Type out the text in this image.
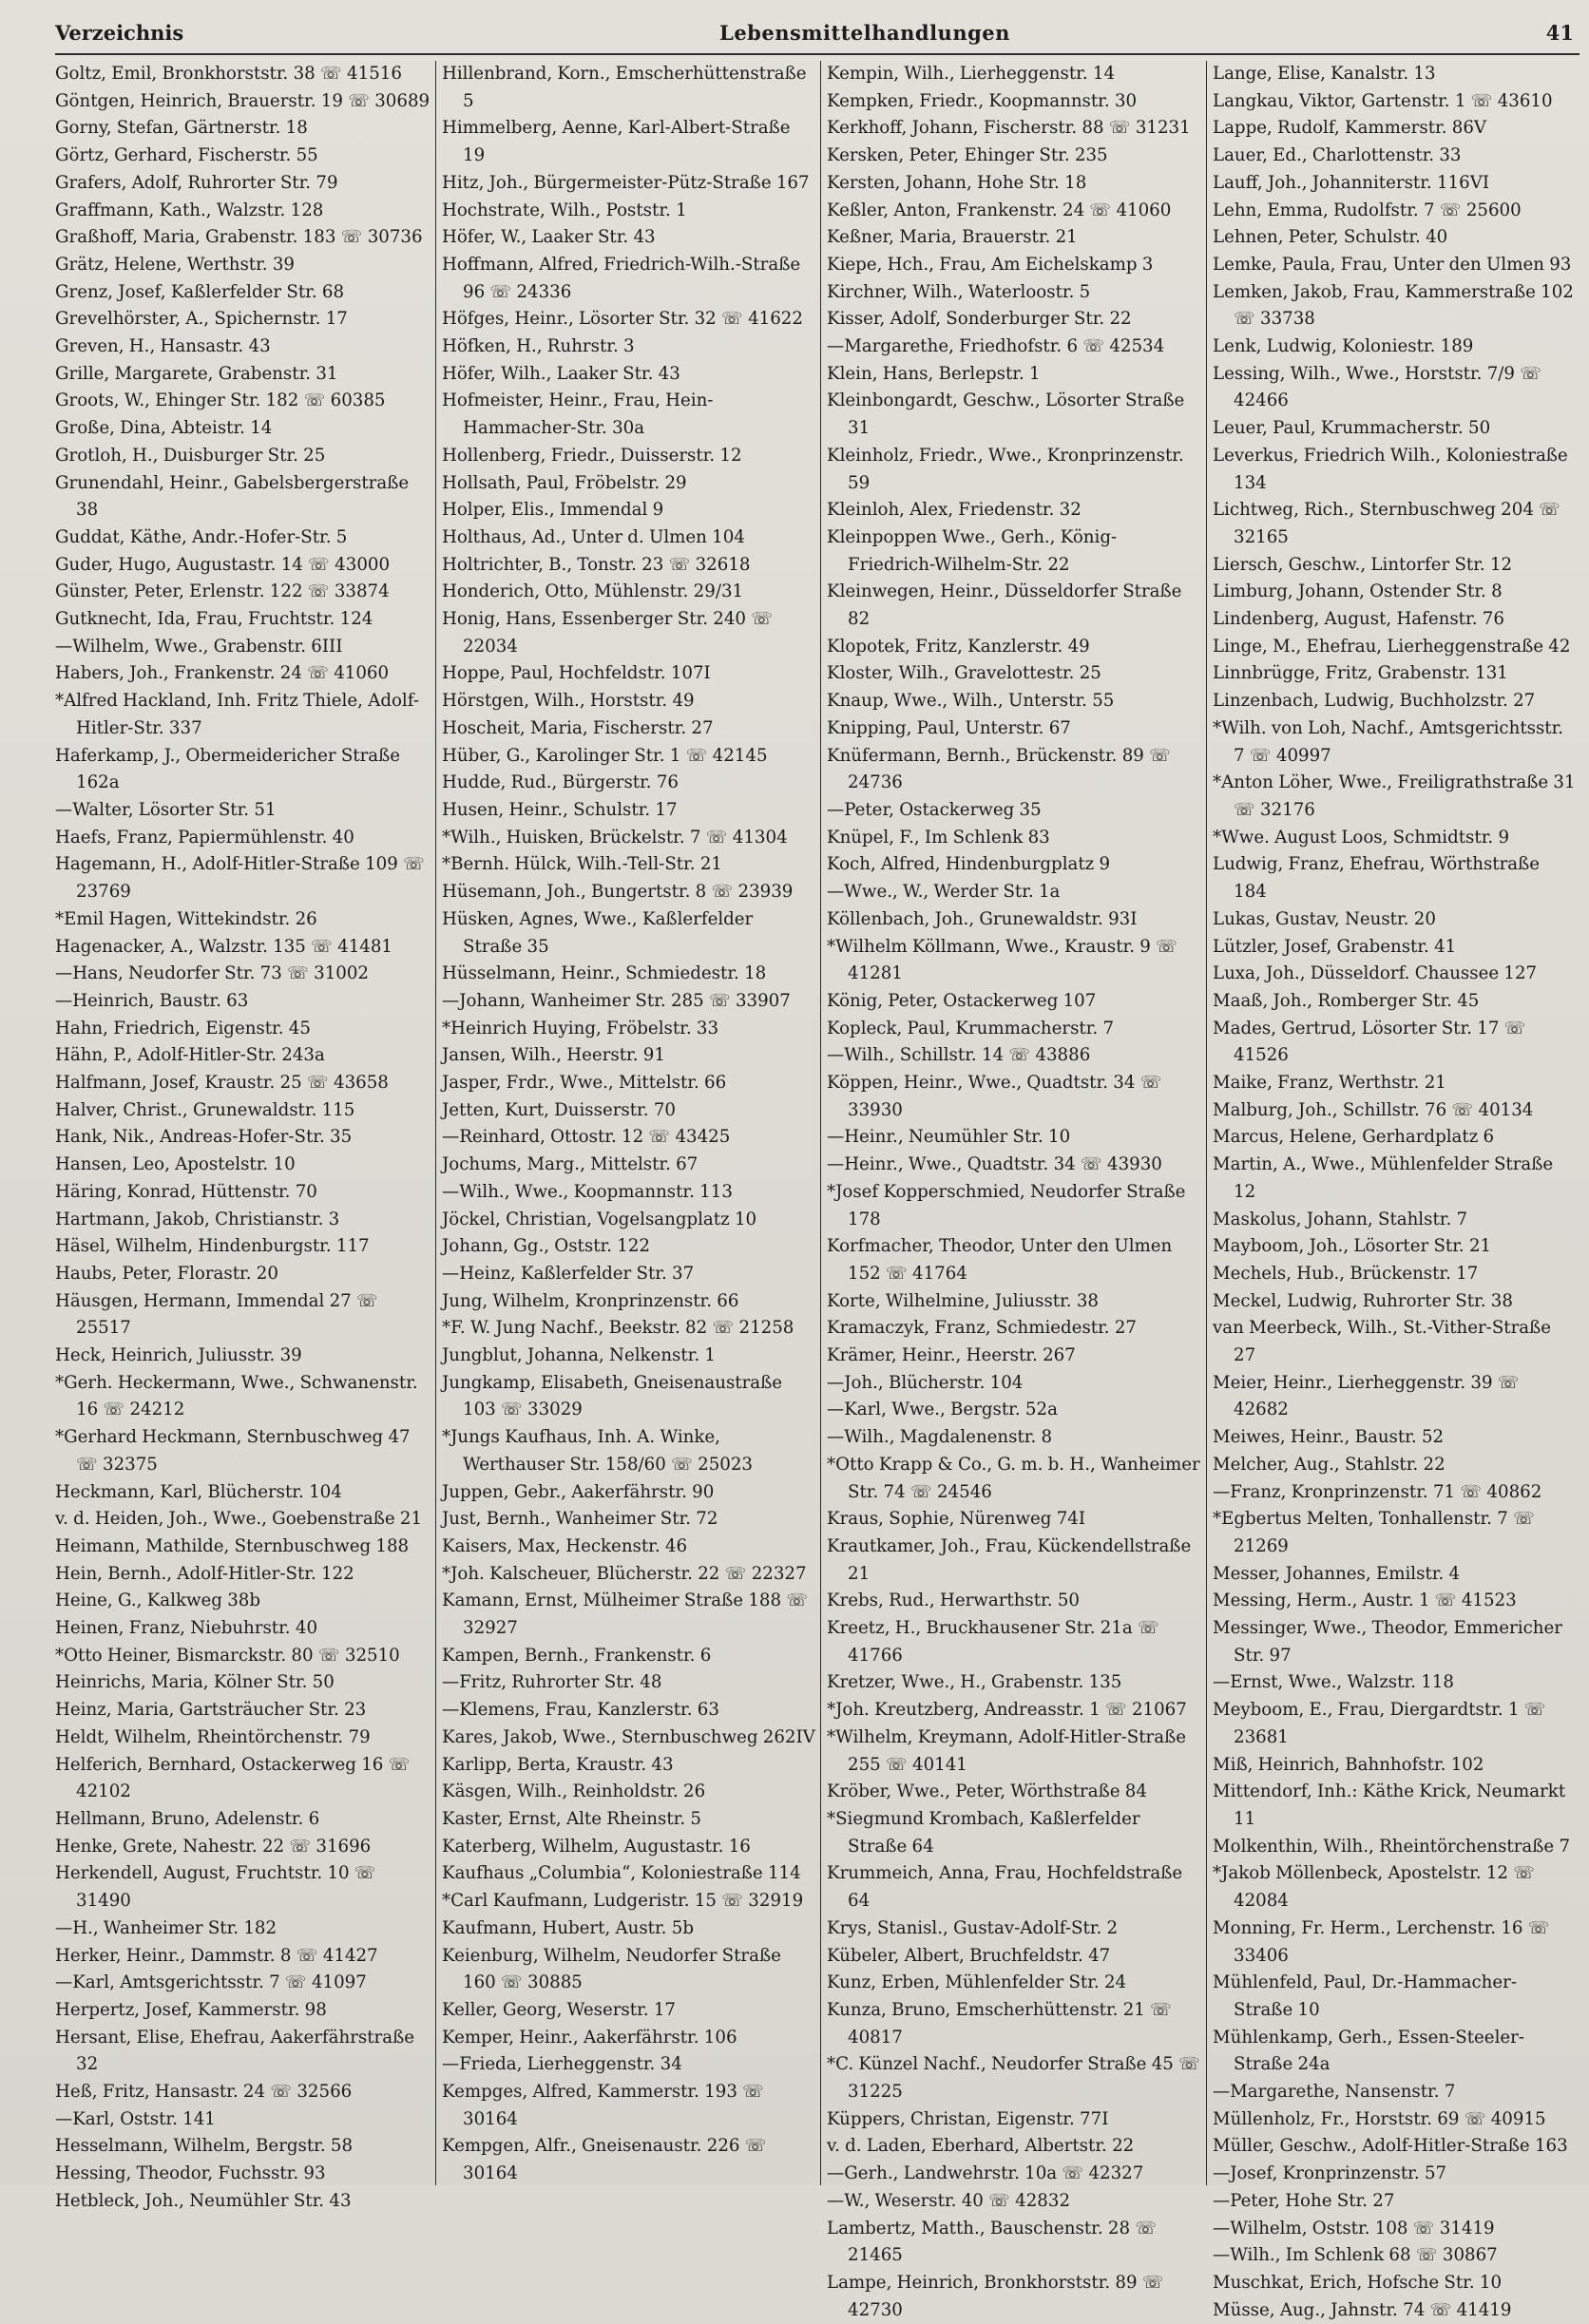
Verzeichnis	Lebensmittelhandlungen	41
Goltz, Emil, Bronkhorststr. 38 ☏ 41516
Göntgen, Heinrich, Brauerstr. 19 ☏ 30689
Gorny, Stefan, Gärtnerstr. 18
Görtz, Gerhard, Fischerstr. 55
Grafers, Adolf, Ruhrorter Str. 79
Graffmann, Kath., Walzstr. 128
Graßhoff, Maria, Grabenstr. 183 ☏ 30736
Grätz, Helene, Werthstr. 39
Grenz, Josef, Kaßlerfelder Str. 68
Grevelhörster, A., Spichernstr. 17
Greven, H., Hansastr. 43
Grille, Margarete, Grabenstr. 31
Groots, W., Ehinger Str. 182 ☏ 60385
Große, Dina, Abteistr. 14
Grotloh, H., Duisburger Str. 25
Grunendahl, Heinr., Gabelsbergerstraße 38
Guddat, Käthe, Andr.-Hofer-Str. 5
Guder, Hugo, Augustastr. 14 ☏ 43000
Günster, Peter, Erlenstr. 122 ☏ 33874
Gutknecht, Ida, Frau, Fruchtstr. 124
—Wilhelm, Wwe., Grabenstr. 6III
Habers, Joh., Frankenstr. 24 ☏ 41060
*Alfred Hackland, Inh. Fritz Thiele, Adolf-Hitler-Str. 337
Haferkamp, J., Obermeidericher Straße 162a
—Walter, Lösorter Str. 51
Haefs, Franz, Papiermühlenstr. 40
Hagemann, H., Adolf-Hitler-Straße 109 ☏ 23769
*Emil Hagen, Wittekindstr. 26
Hagenacker, A., Walzstr. 135 ☏ 41481
—Hans, Neudorfer Str. 73 ☏ 31002
—Heinrich, Baustr. 63
Hahn, Friedrich, Eigenstr. 45
Hähn, P., Adolf-Hitler-Str. 243a
Halfmann, Josef, Kraustr. 25 ☏ 43658
Halver, Christ., Grunewaldstr. 115
Hank, Nik., Andreas-Hofer-Str. 35
Hansen, Leo, Apostelstr. 10
Häring, Konrad, Hüttenstr. 70
Hartmann, Jakob, Christianstr. 3
Häsel, Wilhelm, Hindenburgstr. 117
Haubs, Peter, Florastr. 20
Häusgen, Hermann, Immendal 27 ☏ 25517
Heck, Heinrich, Juliusstr. 39
*Gerh. Heckermann, Wwe., Schwanenstr. 16 ☏ 24212
*Gerhard Heckmann, Sternbuschweg 47 ☏ 32375
Heckmann, Karl, Blücherstr. 104
v. d. Heiden, Joh., Wwe., Goebenstraße 21
Heimann, Mathilde, Sternbuschweg 188
Hein, Bernh., Adolf-Hitler-Str. 122
Heine, G., Kalkweg 38b
Heinen, Franz, Niebuhrstr. 40
*Otto Heiner, Bismarckstr. 80 ☏ 32510
Heinrichs, Maria, Kölner Str. 50
Heinz, Maria, Gartsträucher Str. 23
Heldt, Wilhelm, Rheintörchenstr. 79
Helferich, Bernhard, Ostackerweg 16 ☏ 42102
Hellmann, Bruno, Adelenstr. 6
Henke, Grete, Nahestr. 22 ☏ 31696
Herkendell, August, Fruchtstr. 10 ☏ 31490
—H., Wanheimer Str. 182
Herker, Heinr., Dammstr. 8 ☏ 41427
—Karl, Amtsgerichtsstr. 7 ☏ 41097
Herpertz, Josef, Kammerstr. 98
Hersant, Elise, Ehefrau, Aakerfährstraße 32
Heß, Fritz, Hansastr. 24 ☏ 32566
—Karl, Oststr. 141
Hesselmann, Wilhelm, Bergstr. 58
Hessing, Theodor, Fuchsstr. 93
Hetbleck, Joh., Neumühler Str. 43
Hillenbrand, Korn., Emscherhüttenstraße 5
Himmelberg, Aenne, Karl-Albert-Straße 19
Hitz, Joh., Bürgermeister-Pütz-Straße 167
Hochstrate, Wilh., Poststr. 1
Höfer, W., Laaker Str. 43
Hoffmann, Alfred, Friedrich-Wilh.-Straße 96 ☏ 24336
Höfges, Heinr., Lösorter Str. 32 ☏ 41622
Höfken, H., Ruhrstr. 3
Höfer, Wilh., Laaker Str. 43
Hofmeister, Heinr., Frau, Hein-Hammacher-Str. 30a
Hollenberg, Friedr., Duisserstr. 12
Hollsath, Paul, Fröbelstr. 29
Holper, Elis., Immendal 9
Holthaus, Ad., Unter d. Ulmen 104
Holtrichter, B., Tonstr. 23 ☏ 32618
Honderich, Otto, Mühlenstr. 29/31
Honig, Hans, Essenberger Str. 240 ☏ 22034
Hoppe, Paul, Hochfeldstr. 107I
Hörstgen, Wilh., Horststr. 49
Hoscheit, Maria, Fischerstr. 27
Hüber, G., Karolinger Str. 1 ☏ 42145
Hudde, Rud., Bürgerstr. 76
Husen, Heinr., Schulstr. 17
*Wilh., Huisken, Brückelstr. 7 ☏ 41304
*Bernh. Hülck, Wilh.-Tell-Str. 21
Hüsemann, Joh., Bungertstr. 8 ☏ 23939
Hüsken, Agnes, Wwe., Kaßlerfelder Straße 35
Hüsselmann, Heinr., Schmiedestr. 18
—Johann, Wanheimer Str. 285 ☏ 33907
*Heinrich Huying, Fröbelstr. 33
Jansen, Wilh., Heerstr. 91
Jasper, Frdr., Wwe., Mittelstr. 66
Jetten, Kurt, Duisserstr. 70
—Reinhard, Ottostr. 12 ☏ 43425
Jochums, Marg., Mittelstr. 67
—Wilh., Wwe., Koopmannstr. 113
Jöckel, Christian, Vogelsangplatz 10
Johann, Gg., Oststr. 122
—Heinz, Kaßlerfelder Str. 37
Jung, Wilhelm, Kronprinzenstr. 66
*F. W. Jung Nachf., Beekstr. 82 ☏ 21258
Jungblut, Johanna, Nelkenstr. 1
Jungkamp, Elisabeth, Gneisenaustraße 103 ☏ 33029
*Jungs Kaufhaus, Inh. A. Winke, Werthauser Str. 158/60 ☏ 25023
Juppen, Gebr., Aakerfährstr. 90
Just, Bernh., Wanheimer Str. 72
Kaisers, Max, Heckenstr. 46
*Joh. Kalscheuer, Blücherstr. 22 ☏ 22327
Kamann, Ernst, Mülheimer Straße 188 ☏ 32927
Kampen, Bernh., Frankenstr. 6
—Fritz, Ruhrorter Str. 48
—Klemens, Frau, Kanzlerstr. 63
Kares, Jakob, Wwe., Sternbuschweg 262IV
Karlipp, Berta, Kraustr. 43
Käsgen, Wilh., Reinholdstr. 26
Kaster, Ernst, Alte Rheinstr. 5
Katerberg, Wilhelm, Augustastr. 16
Kaufhaus „Columbia“, Koloniestraße 114
*Carl Kaufmann, Ludgeristr. 15 ☏ 32919
Kaufmann, Hubert, Austr. 5b
Keienburg, Wilhelm, Neudorfer Straße 160 ☏ 30885
Keller, Georg, Weserstr. 17
Kemper, Heinr., Aakerfährstr. 106
—Frieda, Lierheggenstr. 34
Kempges, Alfred, Kammerstr. 193 ☏ 30164
Kempgen, Alfr., Gneisenaustr. 226 ☏ 30164
Kempin, Wilh., Lierheggenstr. 14
Kempken, Friedr., Koopmannstr. 30
Kerkhoff, Johann, Fischerstr. 88 ☏ 31231
Kersken, Peter, Ehinger Str. 235
Kersten, Johann, Hohe Str. 18
Keßler, Anton, Frankenstr. 24 ☏ 41060
Keßner, Maria, Brauerstr. 21
Kiepe, Hch., Frau, Am Eichelskamp 3
Kirchner, Wilh., Waterloostr. 5
Kisser, Adolf, Sonderburger Str. 22
—Margarethe, Friedhofstr. 6 ☏ 42534
Klein, Hans, Berlepstr. 1
Kleinbongardt, Geschw., Lösorter Straße 31
Kleinholz, Friedr., Wwe., Kronprinzenstr. 59
Kleinloh, Alex, Friedenstr. 32
Kleinpoppen Wwe., Gerh., König-Friedrich-Wilhelm-Str. 22
Kleinwegen, Heinr., Düsseldorfer Straße 82
Klopotek, Fritz, Kanzlerstr. 49
Kloster, Wilh., Gravelottestr. 25
Knaup, Wwe., Wilh., Unterstr. 55
Knipping, Paul, Unterstr. 67
Knüfermann, Bernh., Brückenstr. 89 ☏ 24736
—Peter, Ostackerweg 35
Knüpel, F., Im Schlenk 83
Koch, Alfred, Hindenburgplatz 9
—Wwe., W., Werder Str. 1a
Köllenbach, Joh., Grunewaldstr. 93I
*Wilhelm Köllmann, Wwe., Kraustr. 9 ☏ 41281
König, Peter, Ostackerweg 107
Kopleck, Paul, Krummacherstr. 7
—Wilh., Schillstr. 14 ☏ 43886
Köppen, Heinr., Wwe., Quadtstr. 34 ☏ 33930
—Heinr., Neumühler Str. 10
—Heinr., Wwe., Quadtstr. 34 ☏ 43930
*Josef Kopperschmied, Neudorfer Straße 178
Korfmacher, Theodor, Unter den Ulmen 152 ☏ 41764
Korte, Wilhelmine, Juliusstr. 38
Kramaczyk, Franz, Schmiedestr. 27
Krämer, Heinr., Heerstr. 267
—Joh., Blücherstr. 104
—Karl, Wwe., Bergstr. 52a
—Wilh., Magdalenenstr. 8
*Otto Krapp & Co., G. m. b. H., Wanheimer Str. 74 ☏ 24546
Kraus, Sophie, Nürenweg 74I
Krautkamer, Joh., Frau, Kückendellstraße 21
Krebs, Rud., Herwarthstr. 50
Kreetz, H., Bruckhausener Str. 21a ☏ 41766
Kretzer, Wwe., H., Grabenstr. 135
*Joh. Kreutzberg, Andreasstr. 1 ☏ 21067
*Wilhelm, Kreymann, Adolf-Hitler-Straße 255 ☏ 40141
Kröber, Wwe., Peter, Wörthstraße 84
*Siegmund Krombach, Kaßlerfelder Straße 64
Krummeich, Anna, Frau, Hochfeldstraße 64
Krys, Stanisl., Gustav-Adolf-Str. 2
Kübeler, Albert, Bruchfeldstr. 47
Kunz, Erben, Mühlenfelder Str. 24
Kunza, Bruno, Emscherhüttenstr. 21 ☏ 40817
*C. Künzel Nachf., Neudorfer Straße 45 ☏ 31225
Küppers, Christan, Eigenstr. 77I
v. d. Laden, Eberhard, Albertstr. 22
—Gerh., Landwehrstr. 10a ☏ 42327
—W., Weserstr. 40 ☏ 42832
Lambertz, Matth., Bauschenstr. 28 ☏ 21465
Lampe, Heinrich, Bronkhorststr. 89 ☏ 42730
Lange, Elise, Kanalstr. 13
Langkau, Viktor, Gartenstr. 1 ☏ 43610
Lappe, Rudolf, Kammerstr. 86V
Lauer, Ed., Charlottenstr. 33
Lauff, Joh., Johanniterstr. 116VI
Lehn, Emma, Rudolfstr. 7 ☏ 25600
Lehnen, Peter, Schulstr. 40
Lemke, Paula, Frau, Unter den Ulmen 93
Lemken, Jakob, Frau, Kammerstraße 102 ☏ 33738
Lenk, Ludwig, Koloniestr. 189
Lessing, Wilh., Wwe., Horststr. 7/9 ☏ 42466
Leuer, Paul, Krummacherstr. 50
Leverkus, Friedrich Wilh., Koloniestraße 134
Lichtweg, Rich., Sternbuschweg 204 ☏ 32165
Liersch, Geschw., Lintorfer Str. 12
Limburg, Johann, Ostender Str. 8
Lindenberg, August, Hafenstr. 76
Linge, M., Ehefrau, Lierheggenstraße 42
Linnbrügge, Fritz, Grabenstr. 131
Linzenbach, Ludwig, Buchholzstr. 27
*Wilh. von Loh, Nachf., Amtsgerichtsstr. 7 ☏ 40997
*Anton Löher, Wwe., Freiligrathstraße 31 ☏ 32176
*Wwe. August Loos, Schmidtstr. 9
Ludwig, Franz, Ehefrau, Wörthstraße 184
Lukas, Gustav, Neustr. 20
Lützler, Josef, Grabenstr. 41
Luxa, Joh., Düsseldorf. Chaussee 127
Maaß, Joh., Romberger Str. 45
Mades, Gertrud, Lösorter Str. 17 ☏ 41526
Maike, Franz, Werthstr. 21
Malburg, Joh., Schillstr. 76 ☏ 40134
Marcus, Helene, Gerhardplatz 6
Martin, A., Wwe., Mühlenfelder Straße 12
Maskolus, Johann, Stahlstr. 7
Mayboom, Joh., Lösorter Str. 21
Mechels, Hub., Brückenstr. 17
Meckel, Ludwig, Ruhrorter Str. 38
van Meerbeck, Wilh., St.-Vither-Straße 27
Meier, Heinr., Lierheggenstr. 39 ☏ 42682
Meiwes, Heinr., Baustr. 52
Melcher, Aug., Stahlstr. 22
—Franz, Kronprinzenstr. 71 ☏ 40862
*Egbertus Melten, Tonhallenstr. 7 ☏ 21269
Messer, Johannes, Emilstr. 4
Messing, Herm., Austr. 1 ☏ 41523
Messinger, Wwe., Theodor, Emmericher Str. 97
—Ernst, Wwe., Walzstr. 118
Meyboom, E., Frau, Diergardtstr. 1 ☏ 23681
Miß, Heinrich, Bahnhofstr. 102
Mittendorf, Inh.: Käthe Krick, Neumarkt 11
Molkenthin, Wilh., Rheintörchenstraße 7
*Jakob Möllenbeck, Apostelstr. 12 ☏ 42084
Monning, Fr. Herm., Lerchenstr. 16 ☏ 33406
Mühlenfeld, Paul, Dr.-Hammacher-Straße 10
Mühlenkamp, Gerh., Essen-Steeler-Straße 24a
—Margarethe, Nansenstr. 7
Müllenholz, Fr., Horststr. 69 ☏ 40915
Müller, Geschw., Adolf-Hitler-Straße 163
—Josef, Kronprinzenstr. 57
—Peter, Hohe Str. 27
—Wilhelm, Oststr. 108 ☏ 31419
—Wilh., Im Schlenk 68 ☏ 30867
Muschkat, Erich, Hofsche Str. 10
Müsse, Aug., Jahnstr. 74 ☏ 41419
